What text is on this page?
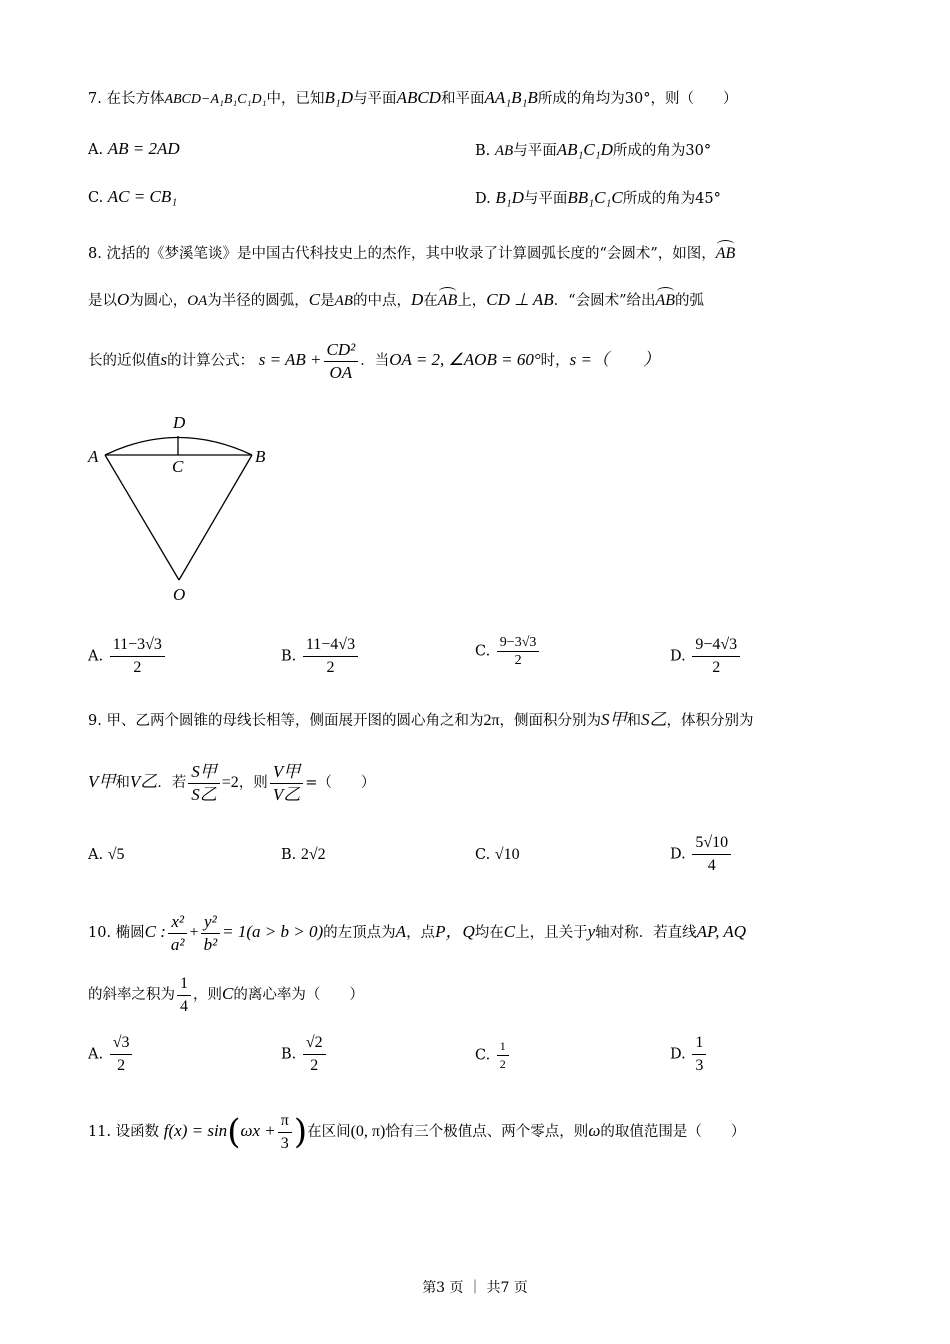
7. 在长方体ABCD−A₁B₁C₁D₁中，已知B₁D与平面ABCD和平面AA₁B₁B所成的角均为30°，则（　　）
A. AB = 2AD	B. AB与平面AB₁C₁D所成的角为30°
C. AC = CB₁	D. B₁D与平面BB₁C₁C所成的角为45°
8. 沈括的《梦溪笔谈》是中国古代科技史上的杰作，其中收录了计算圆弧长度的“会圆术”，如图，AB
是以O为圆心，OA为半径的圆弧，C是AB的中点，D在AB上，CD ⊥ AB．“会圆术”给出AB的弧
长的近似值s的计算公式： s = AB + $\frac{\text{CD²}}{OA}$ ．当OA = 2, ∠AOB = 60°时，s =（　　）
A	B
C
D
O
A. $\frac{11-3√3}{2}$	B. $\frac{11-4√3}{2}$	C. $\frac{9-3√3}{2}$	D. $\frac{9-4√3}{2}$
9. 甲、乙两个圆锥的母线长相等，侧面展开图的圆心角之和为2π，侧面积分别为S甲和S乙，体积分别为
V甲和V乙．若 $\frac{\text{S甲}}{\text{S乙}} =2$，则 $\frac{\text{V甲}}{\text{V乙}}$ =（　　）
A. √5	B. 2√2	C. √10	D. $\frac{5√10}{4}$
10. 椭圆C : $\frac{\text{x²}}{\text{a²}} + \frac{\text{y²}}{\text{b²}} = 1(a > b > 0)$的左顶点为A，点P，Q均在C上，且关于y轴对称．若直线AP, AQ
的斜率之积为 $\frac{1}{4}$ ，则C的离心率为（　　）
A. $\frac{√3}{2}$	B. $\frac{√2}{2}$	C. $\frac{1}{2}$	D. $\frac{1}{3}$
11. 设函数 $f(x) = \sin(\omega x + \frac{\pi}{3}$ )在区间(0, π)恰有三个极值点、两个零点，则ω的取值范围是（　　）
第3 页 ｜ 共7 页
